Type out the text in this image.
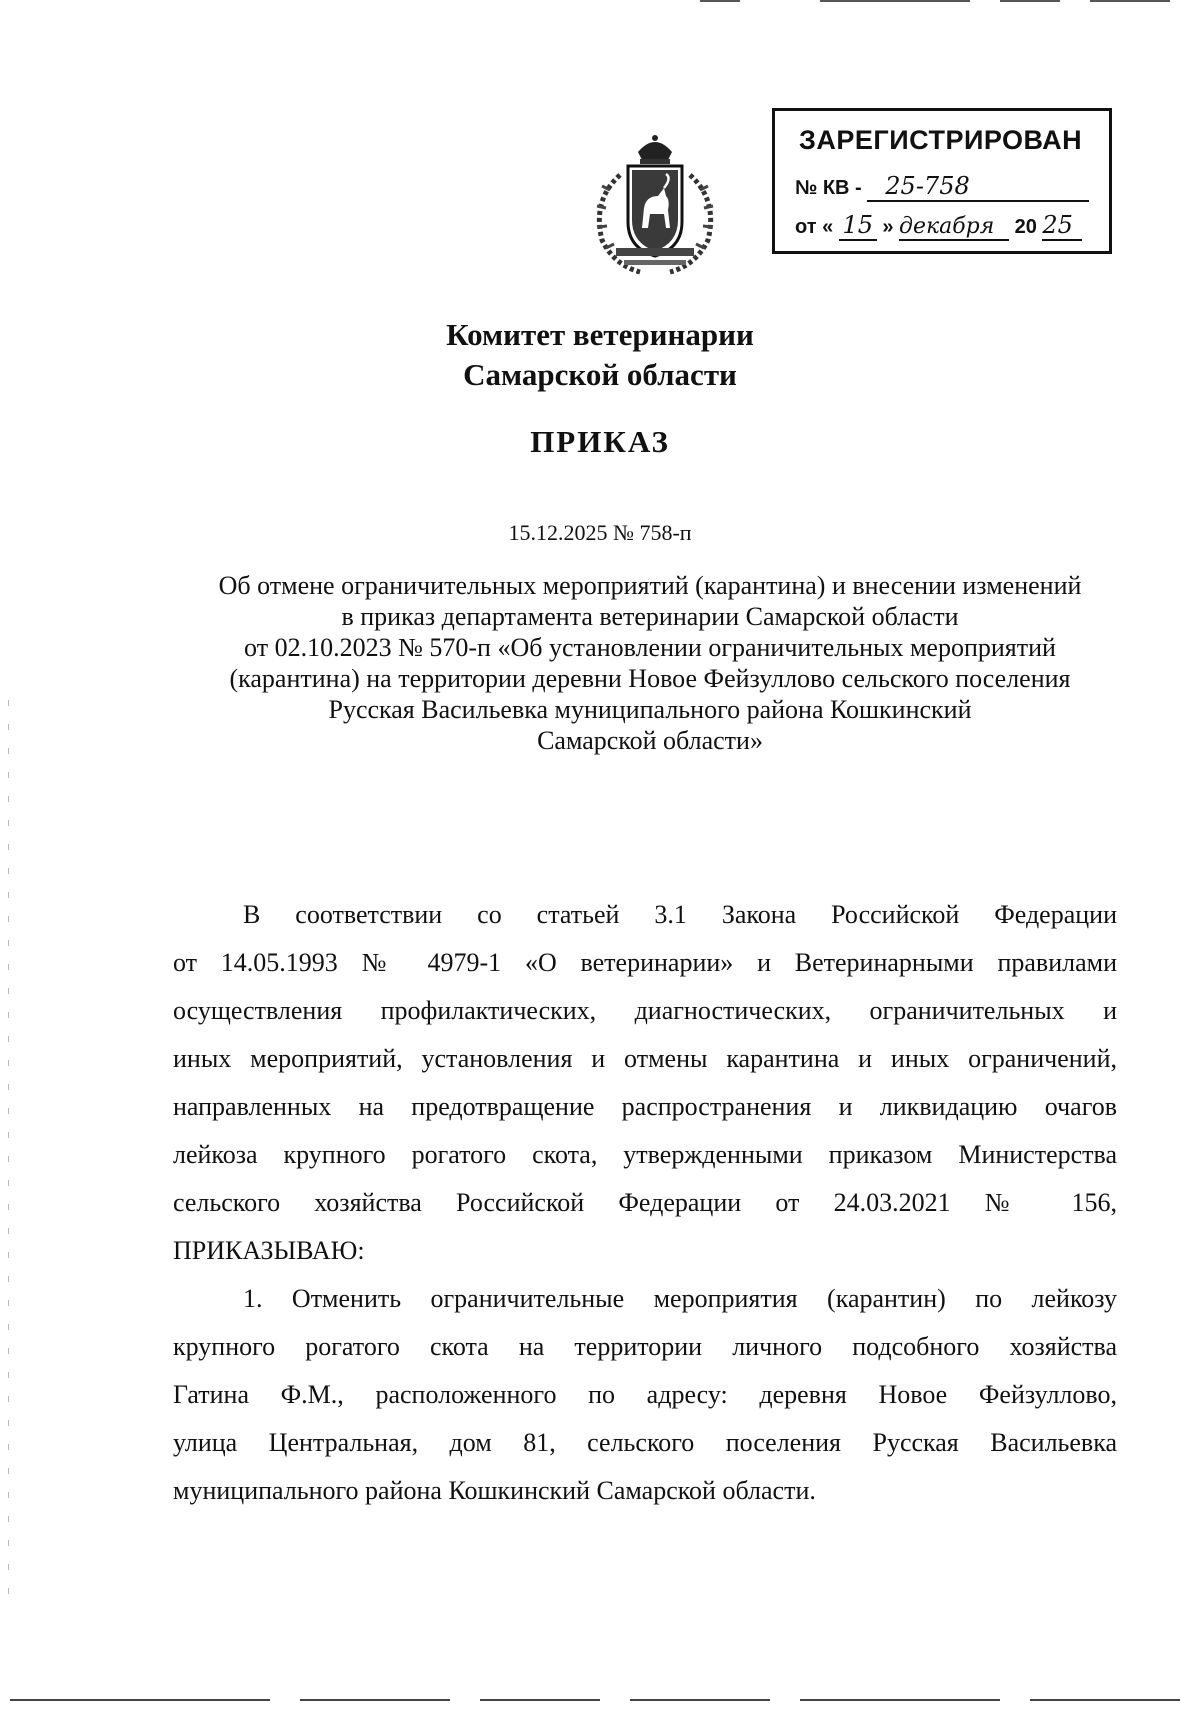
ЗАРЕГИСТРИРОВАН
№ КВ - 25-758
от « 15 » декабря 20 25
Комитет ветеринарии
Самарской области
ПРИКАЗ
15.12.2025 № 758-п
Об отмене ограничительных мероприятий (карантина) и внесении изменений
в приказ департамента ветеринарии Самарской области
от 02.10.2023 № 570-п «Об установлении ограничительных мероприятий
(карантина) на территории деревни Новое Фейзуллово сельского поселения
Русская Васильевка муниципального района Кошкинский
Самарской области»
В соответствии со статьей 3.1 Закона Российской Федерации
от 14.05.1993 № 4979-1 «О ветеринарии» и Ветеринарными правилами
осуществления профилактических, диагностических, ограничительных и
иных мероприятий, установления и отмены карантина и иных ограничений,
направленных на предотвращение распространения и ликвидацию очагов
лейкоза крупного рогатого скота, утвержденными приказом Министерства
сельского хозяйства Российской Федерации от 24.03.2021 № 156,
ПРИКАЗЫВАЮ:
1. Отменить ограничительные мероприятия (карантин) по лейкозу
крупного рогатого скота на территории личного подсобного хозяйства
Гатина Ф.М., расположенного по адресу: деревня Новое Фейзуллово,
улица Центральная, дом 81, сельского поселения Русская Васильевка
муниципального района Кошкинский Самарской области.
